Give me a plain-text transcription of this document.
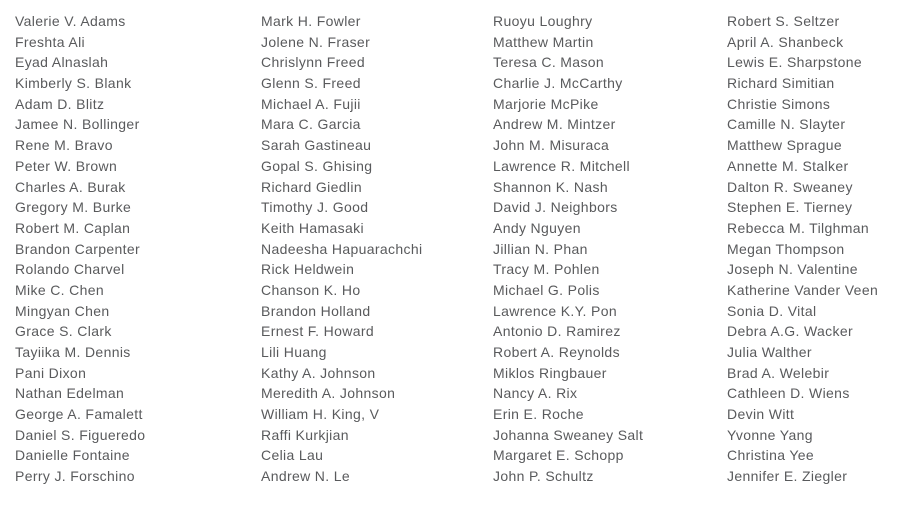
Valerie V. Adams
Freshta Ali
Eyad Alnaslah
Kimberly S. Blank
Adam D. Blitz
Jamee N. Bollinger
Rene M. Bravo
Peter W. Brown
Charles A. Burak
Gregory M. Burke
Robert M. Caplan
Brandon Carpenter
Rolando Charvel
Mike C. Chen
Mingyan Chen
Grace S. Clark
Tayiika M. Dennis
Pani Dixon
Nathan Edelman
George A. Famalett
Daniel S. Figueredo
Danielle Fontaine
Perry J. Forschino
Mark H. Fowler
Jolene N. Fraser
Chrislynn Freed
Glenn S. Freed
Michael A. Fujii
Mara C. Garcia
Sarah Gastineau
Gopal S. Ghising
Richard Giedlin
Timothy J. Good
Keith Hamasaki
Nadeesha Hapuarachchi
Rick Heldwein
Chanson K. Ho
Brandon Holland
Ernest F. Howard
Lili Huang
Kathy A. Johnson
Meredith A. Johnson
William H. King, V
Raffi Kurkjian
Celia Lau
Andrew N. Le
Ruoyu Loughry
Matthew Martin
Teresa C. Mason
Charlie J. McCarthy
Marjorie McPike
Andrew M. Mintzer
John M. Misuraca
Lawrence R. Mitchell
Shannon K. Nash
David J. Neighbors
Andy Nguyen
Jillian N. Phan
Tracy M. Pohlen
Michael G. Polis
Lawrence K.Y. Pon
Antonio D. Ramirez
Robert A. Reynolds
Miklos Ringbauer
Nancy A. Rix
Erin E. Roche
Johanna Sweaney Salt
Margaret E. Schopp
John P. Schultz
Robert S. Seltzer
April A. Shanbeck
Lewis E. Sharpstone
Richard Simitian
Christie Simons
Camille N. Slayter
Matthew Sprague
Annette M. Stalker
Dalton R. Sweaney
Stephen E. Tierney
Rebecca M. Tilghman
Megan Thompson
Joseph N. Valentine
Katherine Vander Veen
Sonia D. Vital
Debra A.G. Wacker
Julia Walther
Brad A. Welebir
Cathleen D. Wiens
Devin Witt
Yvonne Yang
Christina Yee
Jennifer E. Ziegler
